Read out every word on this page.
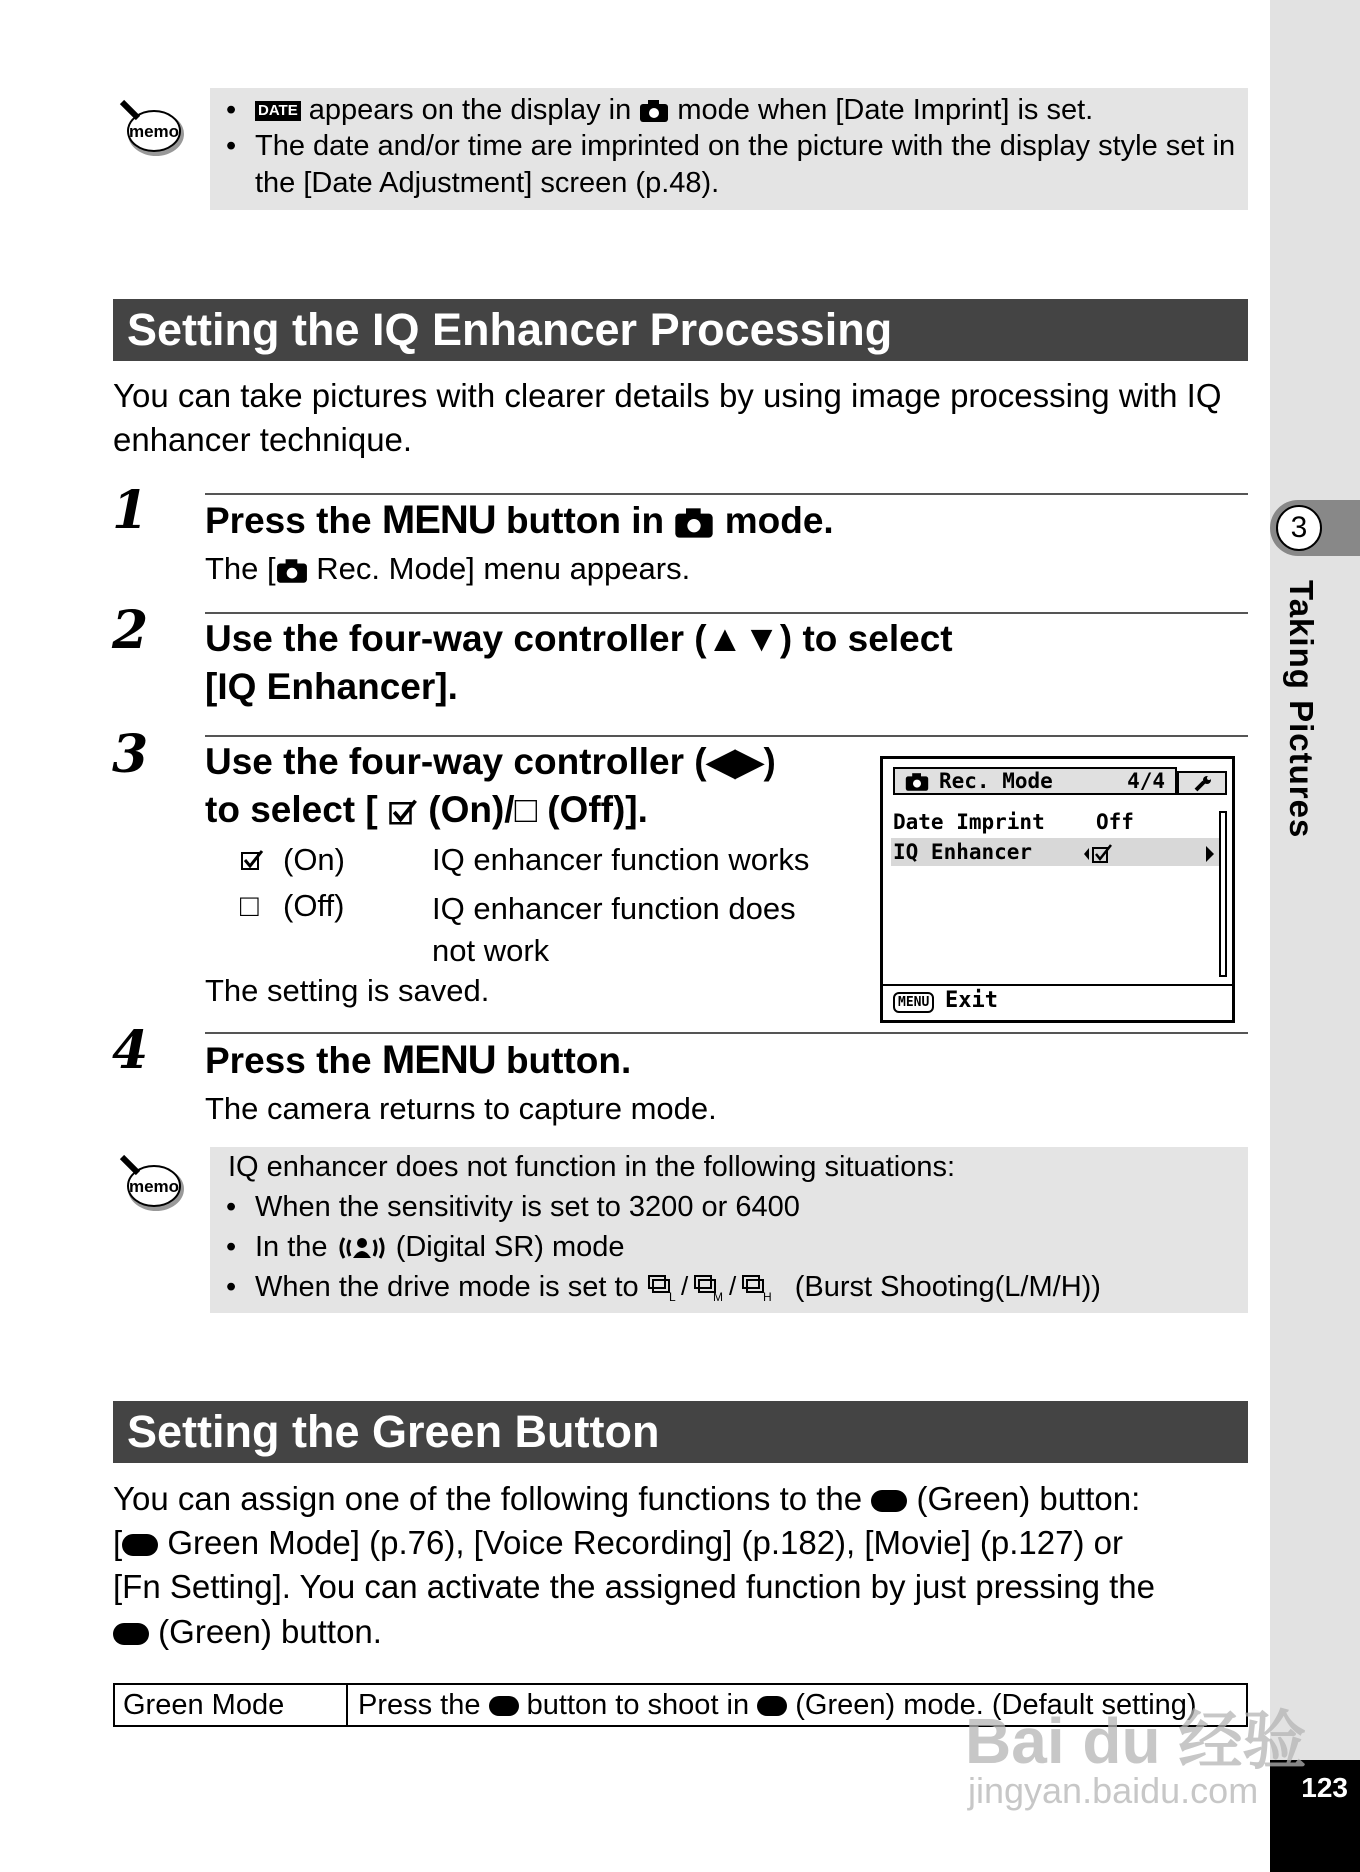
3
Taking Pictures
123
memo
• DATE appears on the display in mode when [Date Imprint] is set.
• The date and/or time are imprinted on the picture with the display style set in the [Date Adjustment] screen (p.48).
Setting the IQ Enhancer Processing
You can take pictures with clearer details by using image processing with IQ enhancer technique.
1 Press the MENU button in mode.
The [ Rec. Mode] menu appears.
2 Use the four-way controller (▲▼) to select
[IQ Enhancer].
3 Use the four-way controller (◀▶)
to select [ (On)/□ (Off)].
(On)	IQ enhancer function works
□ (Off)	IQ enhancer function does
not work
The setting is saved.
Rec. Mode	4/4
Date Imprint Off
IQ Enhancer
MENU Exit
4 Press the MENU button.
The camera returns to capture mode.
memo
IQ enhancer does not function in the following situations:
• When the sensitivity is set to 3200 or 6400
• In the (Digital SR) mode
• When the drive mode is set to	L / M / H (Burst Shooting(L/M/H))
Setting the Green Button
You can assign one of the following functions to the (Green) button:
[ Green Mode] (p.76), [Voice Recording] (p.182), [Movie] (p.127) or
[Fn Setting]. You can activate the assigned function by just pressing the
(Green) button.
Green Mode	Press the button to shoot in (Green) mode. (Default setting)
Bai du 经验
jingyan.baidu.com
